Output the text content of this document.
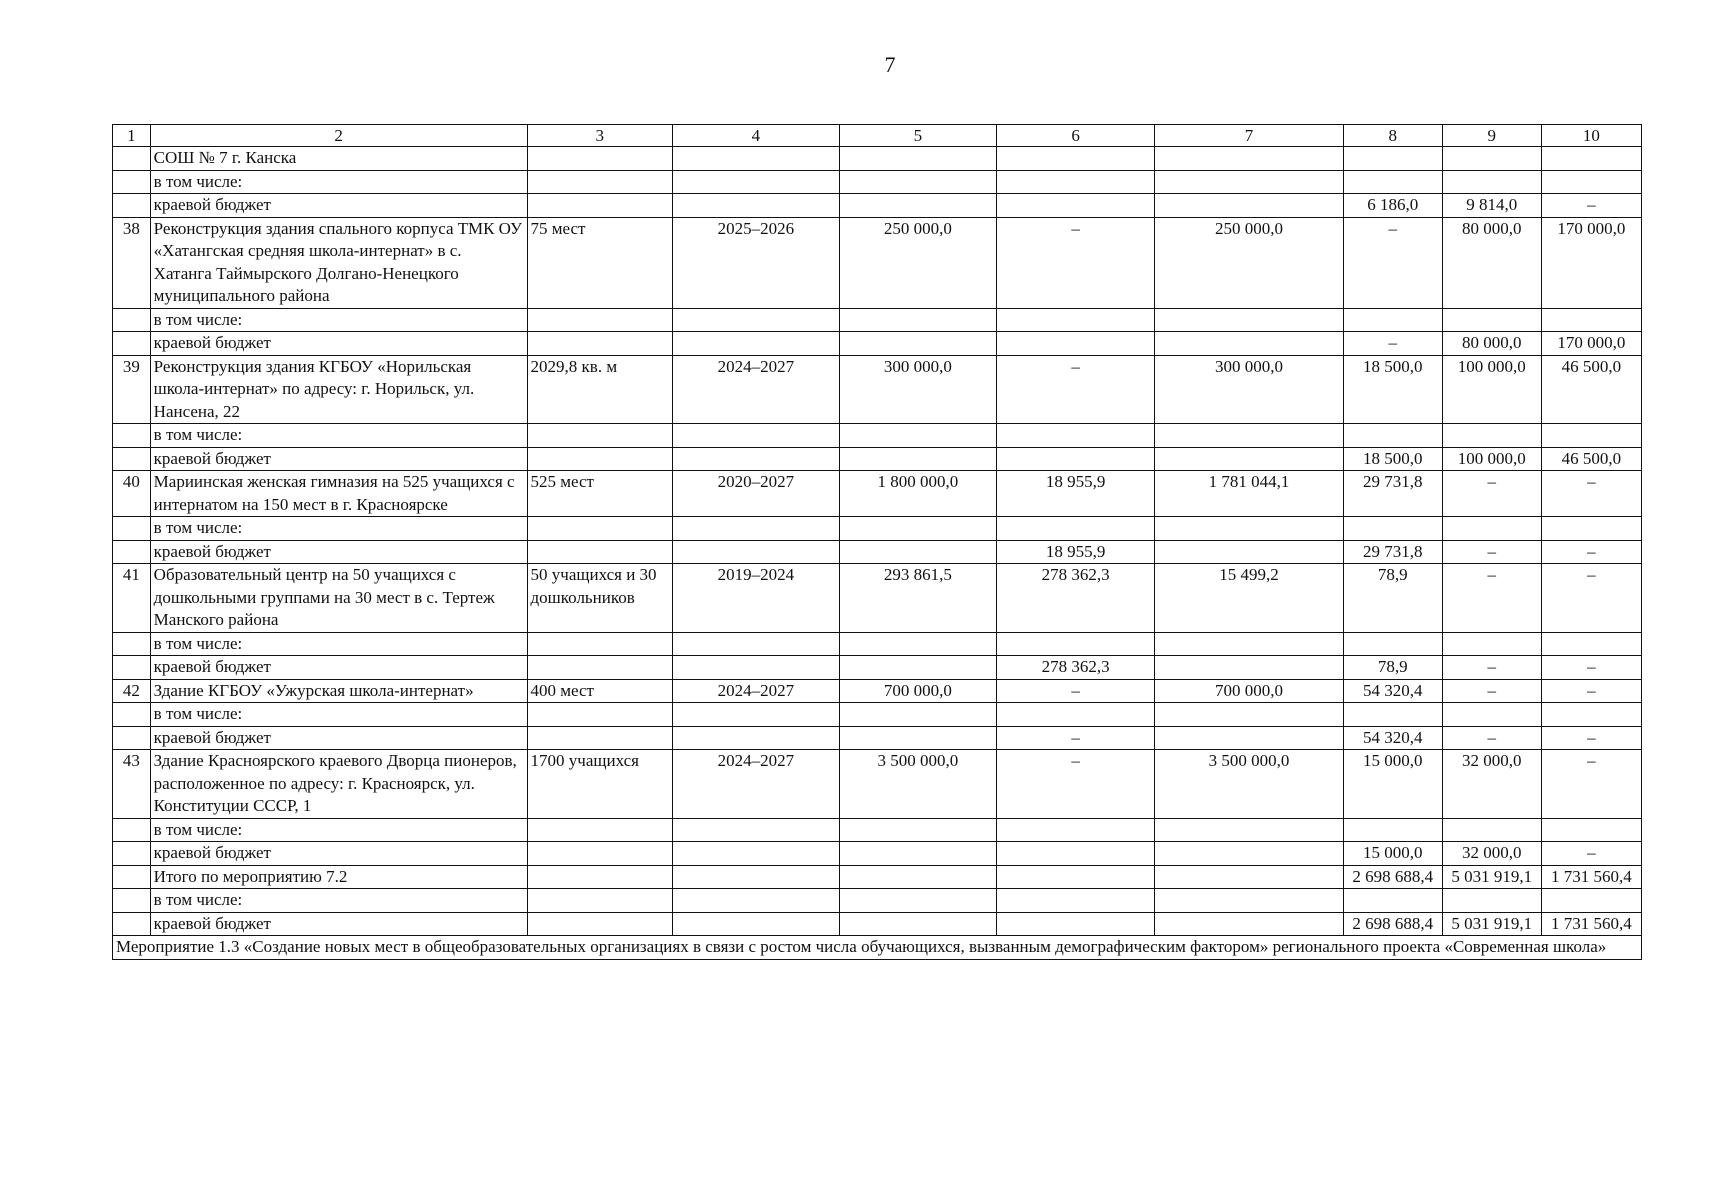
7
1	2	3	4	5	6	7	8	9	10
	СОШ № 7 г. Канска								
	в том числе:								
	краевой бюджет						6 186,0	9 814,0	–
38	Реконструкция здания спального корпуса ТМК ОУ «Хатангская средняя школа-интернат» в с. Хатанга Таймырского Долгано-Ненецкого муниципального района	75 мест	2025–2026	250 000,0	–	250 000,0	–	80 000,0	170 000,0
	в том числе:								
	краевой бюджет						–	80 000,0	170 000,0
39	Реконструкция здания КГБОУ «Норильская школа-интернат» по адресу: г. Норильск, ул. Нансена, 22	2029,8 кв. м	2024–2027	300 000,0	–	300 000,0	18 500,0	100 000,0	46 500,0
	в том числе:								
	краевой бюджет						18 500,0	100 000,0	46 500,0
40	Мариинская женская гимназия на 525 учащихся с интернатом на 150 мест в г. Красноярске	525 мест	2020–2027	1 800 000,0	18 955,9	1 781 044,1	29 731,8	–	–
	в том числе:								
	краевой бюджет				18 955,9		29 731,8	–	–
41	Образовательный центр на 50 учащихся с дошкольными группами на 30 мест в с. Тертеж Манского района	50 учащихся и 30 дошкольников	2019–2024	293 861,5	278 362,3	15 499,2	78,9	–	–
	в том числе:								
	краевой бюджет				278 362,3		78,9	–	–
42	Здание КГБОУ «Ужурская школа-интернат»	400 мест	2024–2027	700 000,0	–	700 000,0	54 320,4	–	–
	в том числе:								
	краевой бюджет				–		54 320,4	–	–
43	Здание Красноярского краевого Дворца пионеров, расположенное по адресу: г. Красноярск, ул. Конституции СССР, 1	1700 учащихся	2024–2027	3 500 000,0	–	3 500 000,0	15 000,0	32 000,0	–
	в том числе:								
	краевой бюджет						15 000,0	32 000,0	–
	Итого по мероприятию 7.2						2 698 688,4	5 031 919,1	1 731 560,4
	в том числе:								
	краевой бюджет						2 698 688,4	5 031 919,1	1 731 560,4
Мероприятие 1.3 «Создание новых мест в общеобразовательных организациях в связи с ростом числа обучающихся, вызванным демографическим фактором» регионального проекта «Современная школа»									
